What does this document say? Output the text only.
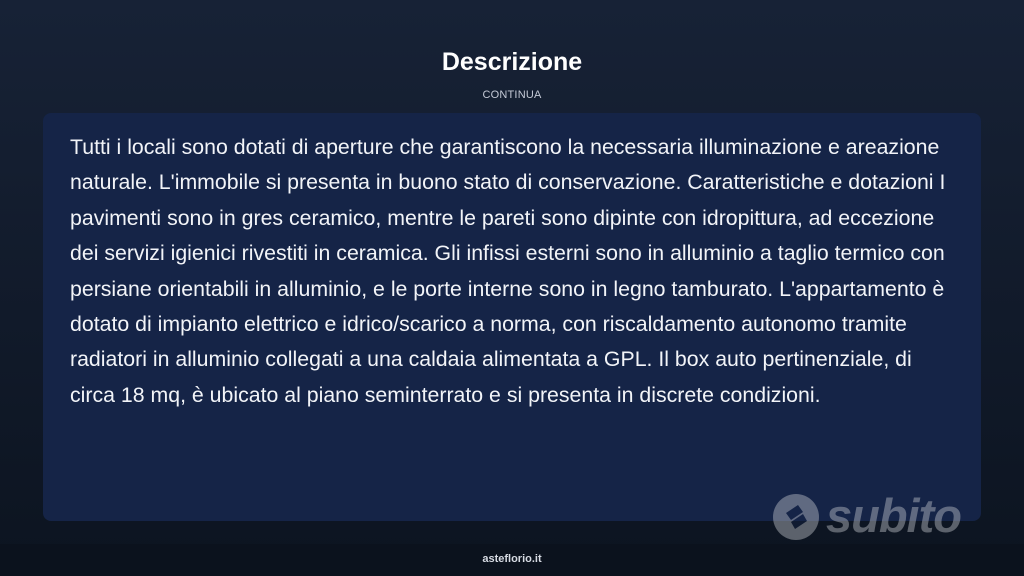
Descrizione
CONTINUA

Tutti i locali sono dotati di aperture che garantiscono la necessaria illuminazione e areazione naturale. L'immobile si presenta in buono stato di conservazione. Caratteristiche e dotazioni I pavimenti sono in gres ceramico, mentre le pareti sono dipinte con idropittura, ad eccezione dei servizi igienici rivestiti in ceramica. Gli infissi esterni sono in alluminio a taglio termico con persiane orientabili in alluminio, e le porte interne sono in legno tamburato. L'appartamento è dotato di impianto elettrico e idrico/scarico a norma, con riscaldamento autonomo tramite radiatori in alluminio collegati a una caldaia alimentata a GPL. Il box auto pertinenziale, di circa 18 mq, è ubicato al piano seminterrato e si presenta in discrete condizioni.

subito
asteflorio.it
